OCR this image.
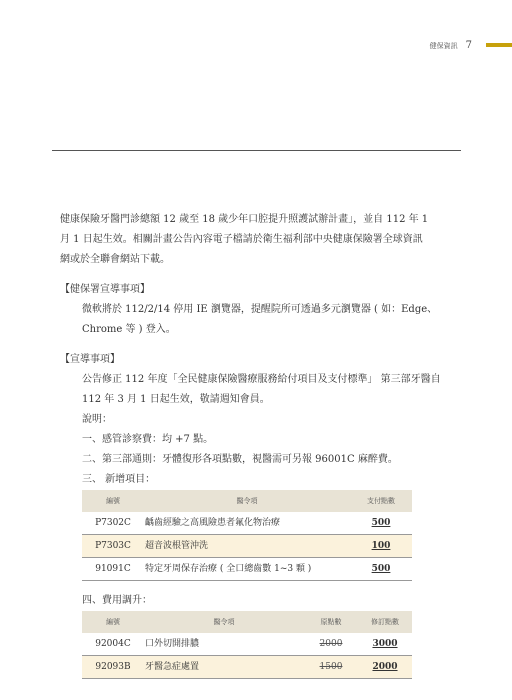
健保資訊 7

健康保險牙醫門診總額 12 歲至 18 歲少年口腔提升照護試辦計畫」，並自 112 年 1

月 1 日起生效。相關計畫公告內容電子檔請於衛生福利部中央健康保險署全球資訊

網或於全聯會網站下載。

【健保署宣導事項】

微軟將於 112/2/14 停用 IE 瀏覽器，提醒院所可透過多元瀏覽器 ( 如：Edge、

Chrome 等 ) 登入。

【宣導事項】

公告修正 112 年度「全民健康保險醫療服務給付項目及支付標準」 第三部牙醫自

112 年 3 月 1 日起生效，敬請週知會員。

說明：

一、感管診察費：均 +7 點。

二、第三部通則：牙體復形各項點數，視醫需可另報 96001C 麻醉費。

三、 新增項目：

編號	醫令項	支付點數
P7302C	齲齒經驗之高風險患者氟化物治療	500
P7303C	超音波根管沖洗	100
91091C	特定牙周保存治療 ( 全口總齒數 1~3 顆 )	500

四、費用調升：

編號	醫令項	原點數	修訂點數
92004C	口外切開排膿	2000	3000
92093B	牙醫急症處置	1500	2000
